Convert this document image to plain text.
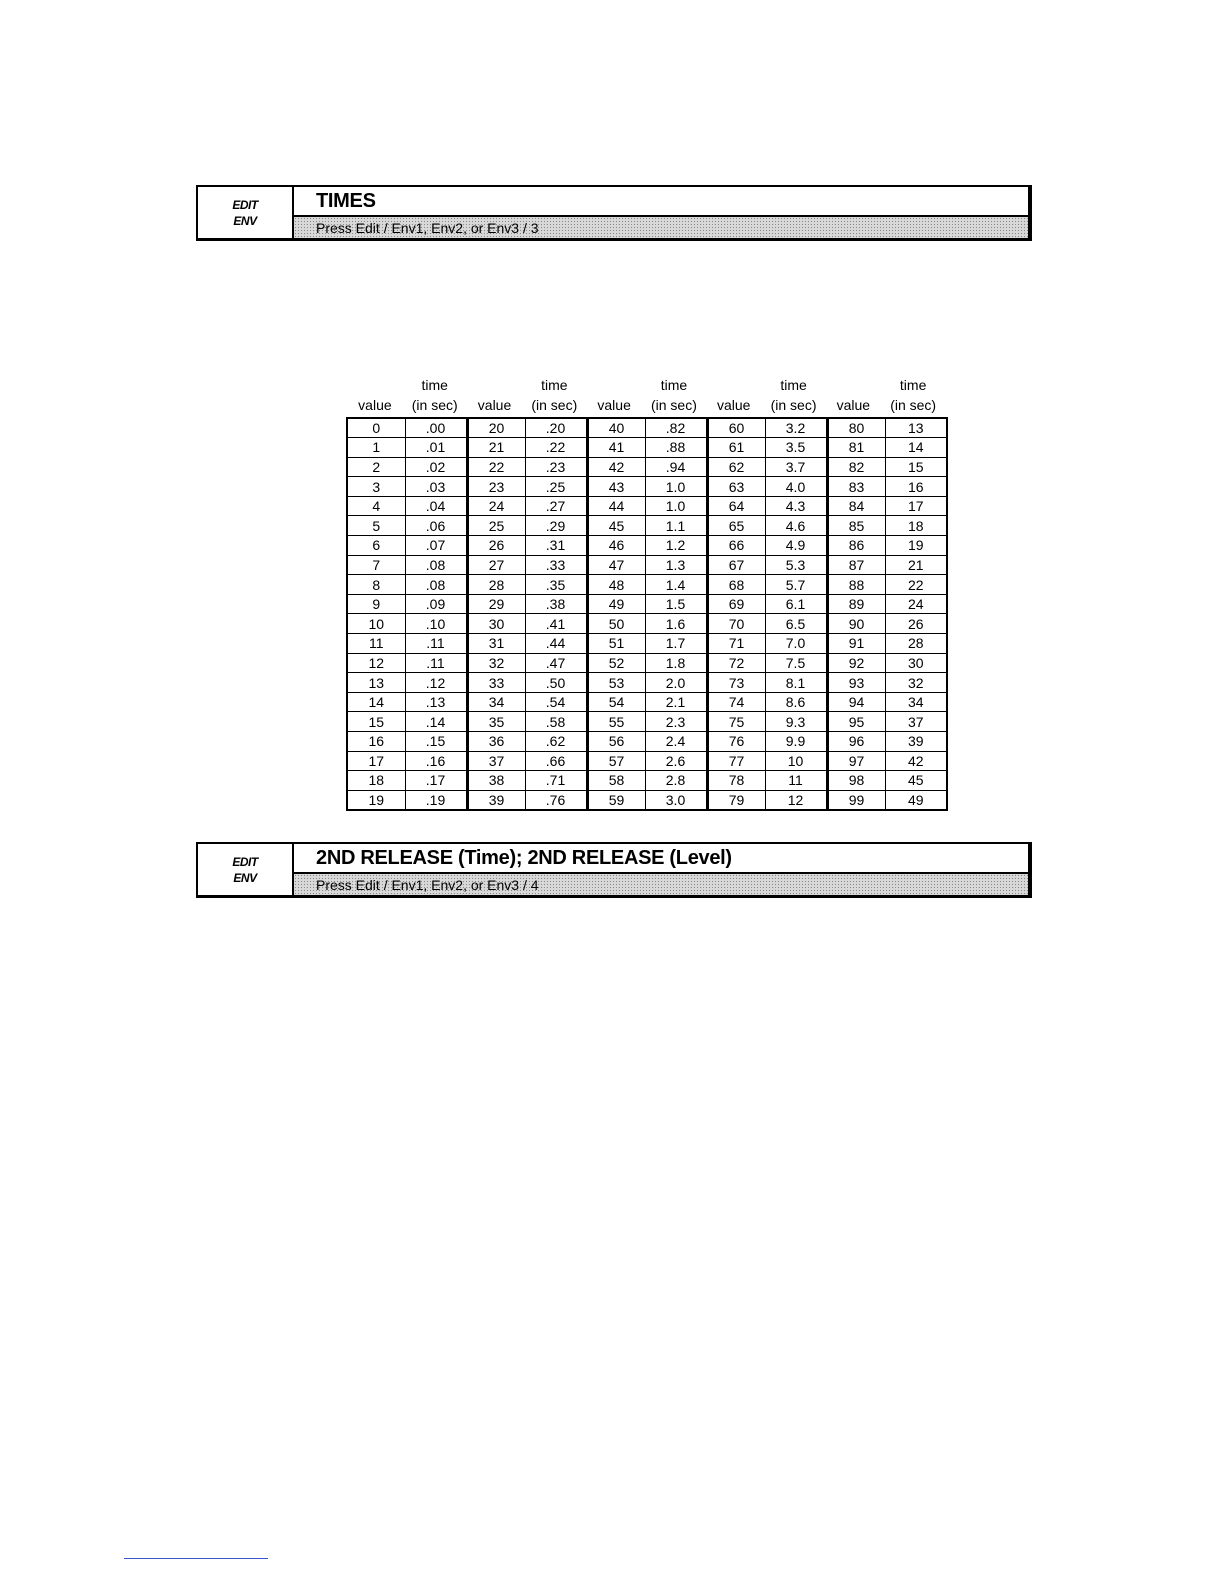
EDIT
ENV
TIMES
Press Edit / Env1, Env2, or Env3 / 3
value
time
(in sec)	value
time
(in sec)	value
time
(in sec)	value
time
(in sec)	value
time
(in sec)
0	.00	20	.20	40	.82	60	3.2	80	13
1	.01	21	.22	41	.88	61	3.5	81	14
2	.02	22	.23	42	.94	62	3.7	82	15
3	.03	23	.25	43	1.0	63	4.0	83	16
4	.04	24	.27	44	1.0	64	4.3	84	17
5	.06	25	.29	45	1.1	65	4.6	85	18
6	.07	26	.31	46	1.2	66	4.9	86	19
7	.08	27	.33	47	1.3	67	5.3	87	21
8	.08	28	.35	48	1.4	68	5.7	88	22
9	.09	29	.38	49	1.5	69	6.1	89	24
10	.10	30	.41	50	1.6	70	6.5	90	26
11	.11	31	.44	51	1.7	71	7.0	91	28
12	.11	32	.47	52	1.8	72	7.5	92	30
13	.12	33	.50	53	2.0	73	8.1	93	32
14	.13	34	.54	54	2.1	74	8.6	94	34
15	.14	35	.58	55	2.3	75	9.3	95	37
16	.15	36	.62	56	2.4	76	9.9	96	39
17	.16	37	.66	57	2.6	77	10	97	42
18	.17	38	.71	58	2.8	78	11	98	45
19	.19	39	.76	59	3.0	79	12	99	49
EDIT
ENV
2ND RELEASE (Time); 2ND RELEASE (Level)
Press Edit / Env1, Env2, or Env3 / 4
